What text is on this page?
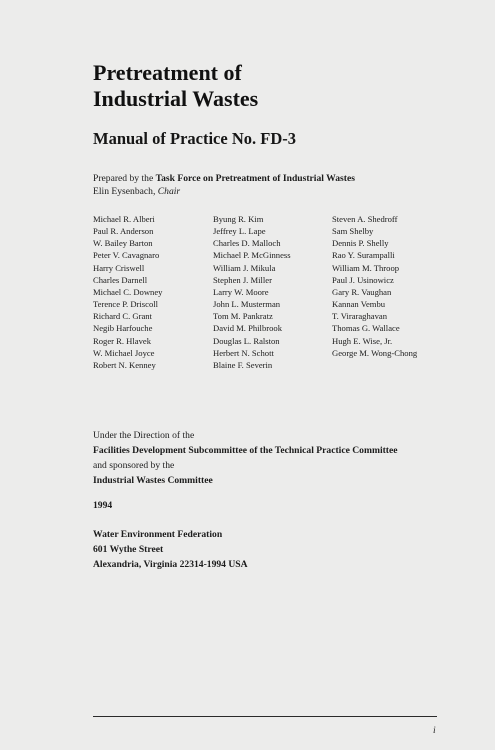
Pretreatment of
Industrial Wastes
Manual of Practice No. FD-3
Prepared by the Task Force on Pretreatment of Industrial Wastes
Elin Eysenbach, Chair
Michael R. Alberi
Paul R. Anderson
W. Bailey Barton
Peter V. Cavagnaro
Harry Criswell
Charles Darnell
Michael C. Downey
Terence P. Driscoll
Richard C. Grant
Negib Harfouche
Roger R. Hlavek
W. Michael Joyce
Robert N. Kenney
Byung R. Kim
Jeffrey L. Lape
Charles D. Malloch
Michael P. McGinness
William J. Mikula
Stephen J. Miller
Larry W. Moore
John L. Musterman
Tom M. Pankratz
David M. Philbrook
Douglas L. Ralston
Herbert N. Schott
Blaine F. Severin
Steven A. Shedroff
Sam Shelby
Dennis P. Shelly
Rao Y. Surampalli
William M. Throop
Paul J. Usinowicz
Gary R. Vaughan
Kannan Vembu
T. Viraraghavan
Thomas G. Wallace
Hugh E. Wise, Jr.
George M. Wong-Chong
Under the Direction of the
Facilities Development Subcommittee of the Technical Practice Committee
and sponsored by the
Industrial Wastes Committee
1994
Water Environment Federation
601 Wythe Street
Alexandria, Virginia 22314-1994 USA
i
